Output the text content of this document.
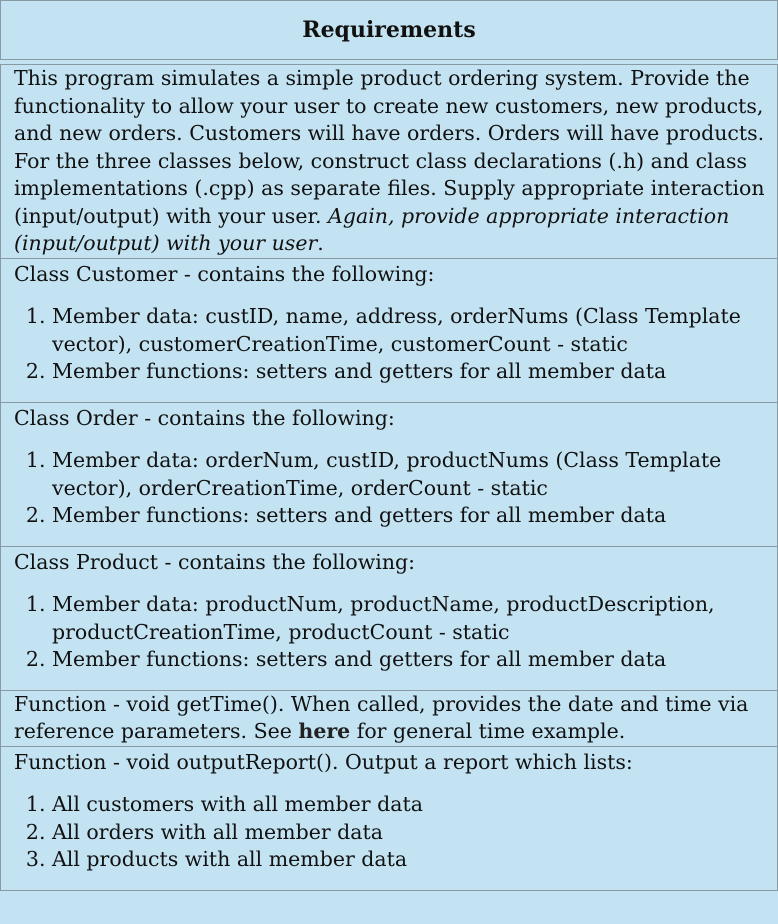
Requirements

This program simulates a simple product ordering system. Provide the functionality to allow your user to create new customers, new products, and new orders. Customers will have orders. Orders will have products. For the three classes below, construct class declarations (.h) and class implementations (.cpp) as separate files. Supply appropriate interaction (input/output) with your user. Again, provide appropriate interaction (input/output) with your user.

Class Customer - contains the following:
1. Member data: custID, name, address, orderNums (Class Template vector), customerCreationTime, customerCount - static
2. Member functions: setters and getters for all member data

Class Order - contains the following:
1. Member data: orderNum, custID, productNums (Class Template vector), orderCreationTime, orderCount - static
2. Member functions: setters and getters for all member data

Class Product - contains the following:
1. Member data: productNum, productName, productDescription, productCreationTime, productCount - static
2. Member functions: setters and getters for all member data

Function - void getTime(). When called, provides the date and time via reference parameters. See here for general time example.

Function - void outputReport(). Output a report which lists:
1. All customers with all member data
2. All orders with all member data
3. All products with all member data
